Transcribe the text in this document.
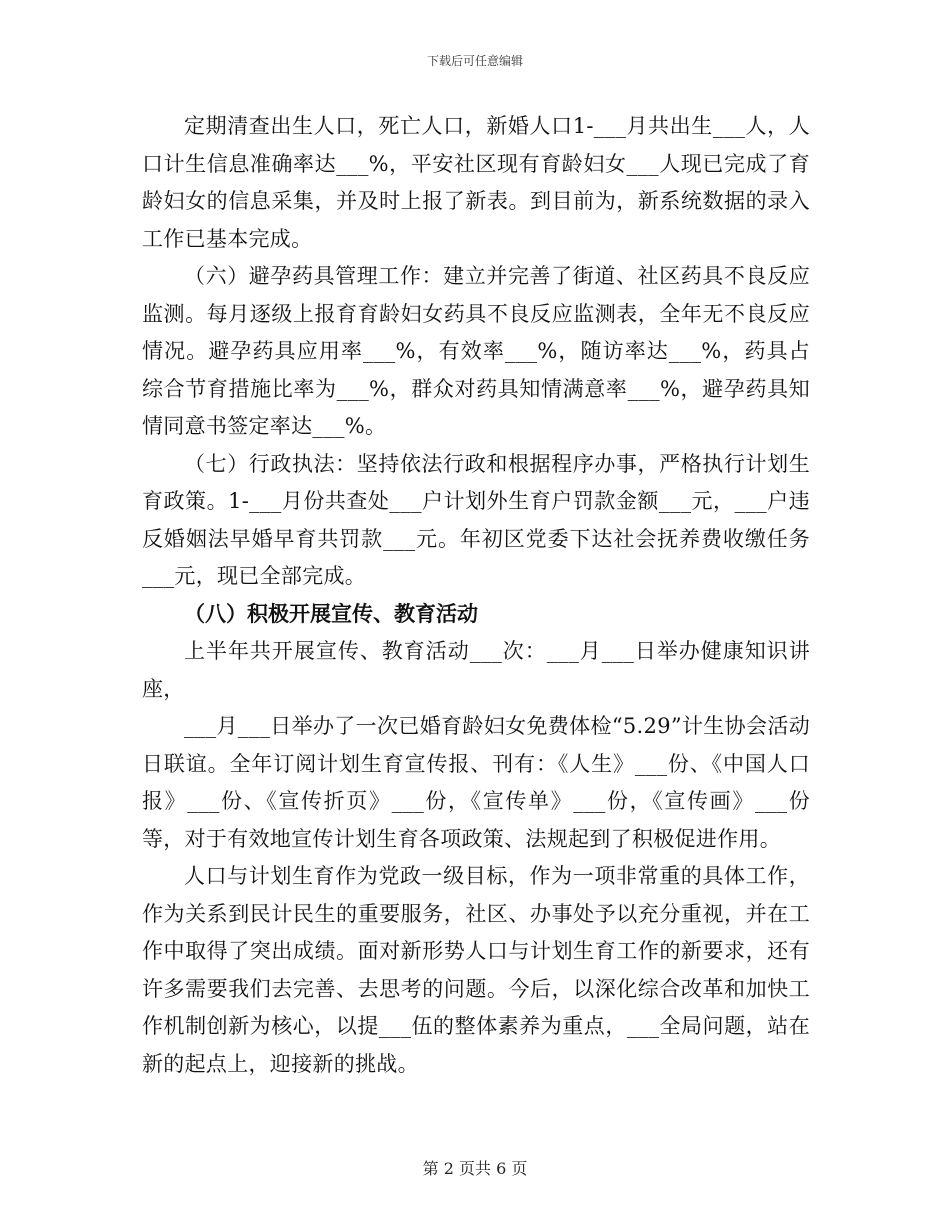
下载后可任意编辑

定期清查出生人口，死亡人口，新婚人口1-___月共出生___人，人口计生信息准确率达___%，平安社区现有育龄妇女___人现已完成了育龄妇女的信息采集，并及时上报了新表。到目前为，新系统数据的录入工作已基本完成。

（六）避孕药具管理工作：建立并完善了街道、社区药具不良反应监测。每月逐级上报育育龄妇女药具不良反应监测表，全年无不良反应情况。避孕药具应用率___%，有效率___%，随访率达___%，药具占综合节育措施比率为___%，群众对药具知情满意率___%，避孕药具知情同意书签定率达___%。

（七）行政执法：坚持依法行政和根据程序办事，严格执行计划生育政策。1-___月份共查处___户计划外生育户罚款金额___元，___户违反婚姻法早婚早育共罚款___元。年初区党委下达社会抚养费收缴任务___元，现已全部完成。

（八）积极开展宣传、教育活动

上半年共开展宣传、教育活动___次：___月___日举办健康知识讲座，

___月___日举办了一次已婚育龄妇女免费体检“5.29”计生协会活动日联谊。全年订阅计划生育宣传报、刊有：《人生》___份、《中国人口报》___份、《宣传折页》___份，《宣传单》___份，《宣传画》___份等，对于有效地宣传计划生育各项政策、法规起到了积极促进作用。

人口与计划生育作为党政一级目标，作为一项非常重的具体工作，作为关系到民计民生的重要服务，社区、办事处予以充分重视，并在工作中取得了突出成绩。面对新形势人口与计划生育工作的新要求，还有许多需要我们去完善、去思考的问题。今后，以深化综合改革和加快工作机制创新为核心，以提___伍的整体素养为重点，___全局问题，站在新的起点上，迎接新的挑战。

第 2 页共 6 页
